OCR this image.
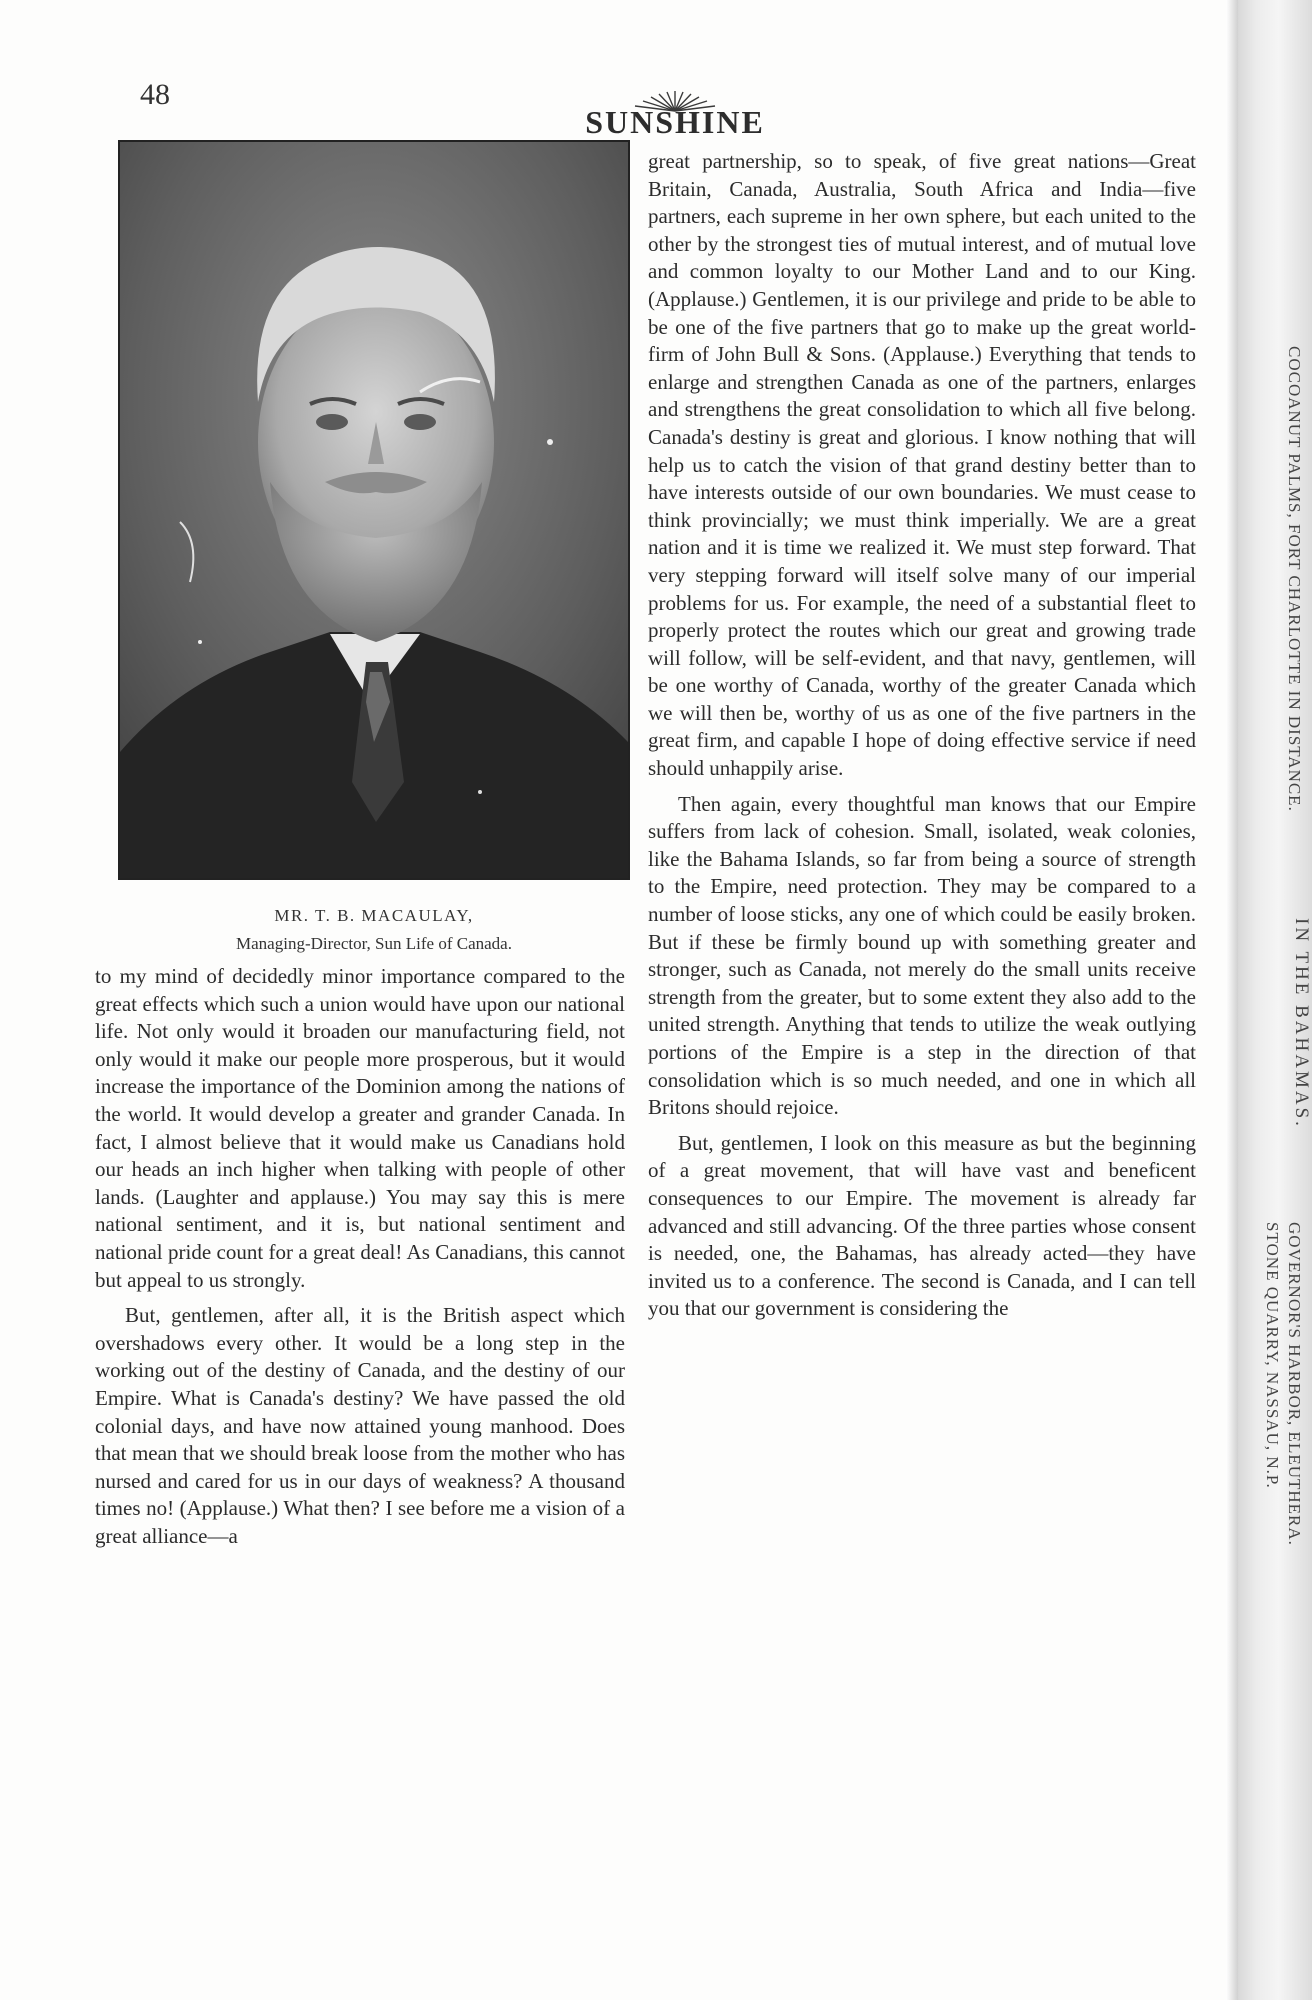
48
SUNSHINE
MR. T. B. MACAULAY,
Managing-Director, Sun Life of Canada.

to my mind of decidedly minor importance compared to the great effects which such a union would have upon our national life. Not only would it broaden our manufacturing field, not only would it make our people more prosperous, but it would increase the importance of the Dominion among the nations of the world. It would develop a greater and grander Canada. In fact, I almost believe that it would make us Canadians hold our heads an inch higher when talking with people of other lands. (Laughter and applause.) You may say this is mere national sentiment, and it is, but national sentiment and national pride count for a great deal! As Canadians, this cannot but appeal to us strongly.

But, gentlemen, after all, it is the British aspect which overshadows every other. It would be a long step in the working out of the destiny of Canada, and the destiny of our Empire. What is Canada's destiny? We have passed the old colonial days, and have now attained young manhood. Does that mean that we should break loose from the mother who has nursed and cared for us in our days of weakness? A thousand times no! (Applause.) What then? I see before me a vision of a great alliance—a

great partnership, so to speak, of five great nations—Great Britain, Canada, Australia, South Africa and India—five partners, each supreme in her own sphere, but each united to the other by the strongest ties of mutual interest, and of mutual love and common loyalty to our Mother Land and to our King. (Applause.) Gentlemen, it is our privilege and pride to be able to be one of the five partners that go to make up the great world-firm of John Bull & Sons. (Applause.) Everything that tends to enlarge and strengthen Canada as one of the partners, enlarges and strengthens the great consolidation to which all five belong. Canada's destiny is great and glorious. I know nothing that will help us to catch the vision of that grand destiny better than to have interests outside of our own boundaries. We must cease to think provincially; we must think imperially. We are a great nation and it is time we realized it. We must step forward. That very stepping forward will itself solve many of our imperial problems for us. For example, the need of a substantial fleet to properly protect the routes which our great and growing trade will follow, will be self-evident, and that navy, gentlemen, will be one worthy of Canada, worthy of the greater Canada which we will then be, worthy of us as one of the five partners in the great firm, and capable I hope of doing effective service if need should unhappily arise.

Then again, every thoughtful man knows that our Empire suffers from lack of cohesion. Small, isolated, weak colonies, like the Bahama Islands, so far from being a source of strength to the Empire, need protection. They may be compared to a number of loose sticks, any one of which could be easily broken. But if these be firmly bound up with something greater and stronger, such as Canada, not merely do the small units receive strength from the greater, but to some extent they also add to the united strength. Anything that tends to utilize the weak outlying portions of the Empire is a step in the direction of that consolidation which is so much needed, and one in which all Britons should rejoice.

But, gentlemen, I look on this measure as but the beginning of a great movement, that will have vast and beneficent consequences to our Empire. The movement is already far advanced and still advancing. Of the three parties whose consent is needed, one, the Bahamas, has already acted—they have invited us to a conference. The second is Canada, and I can tell you that our government is considering the

COCOANUT PALMS, FORT CHARLOTTE IN DISTANCE.
IN THE BAHAMAS.
STONE QUARRY, NASSAU, N.P. GOVERNOR'S HARBOR, ELEUTHERA.
